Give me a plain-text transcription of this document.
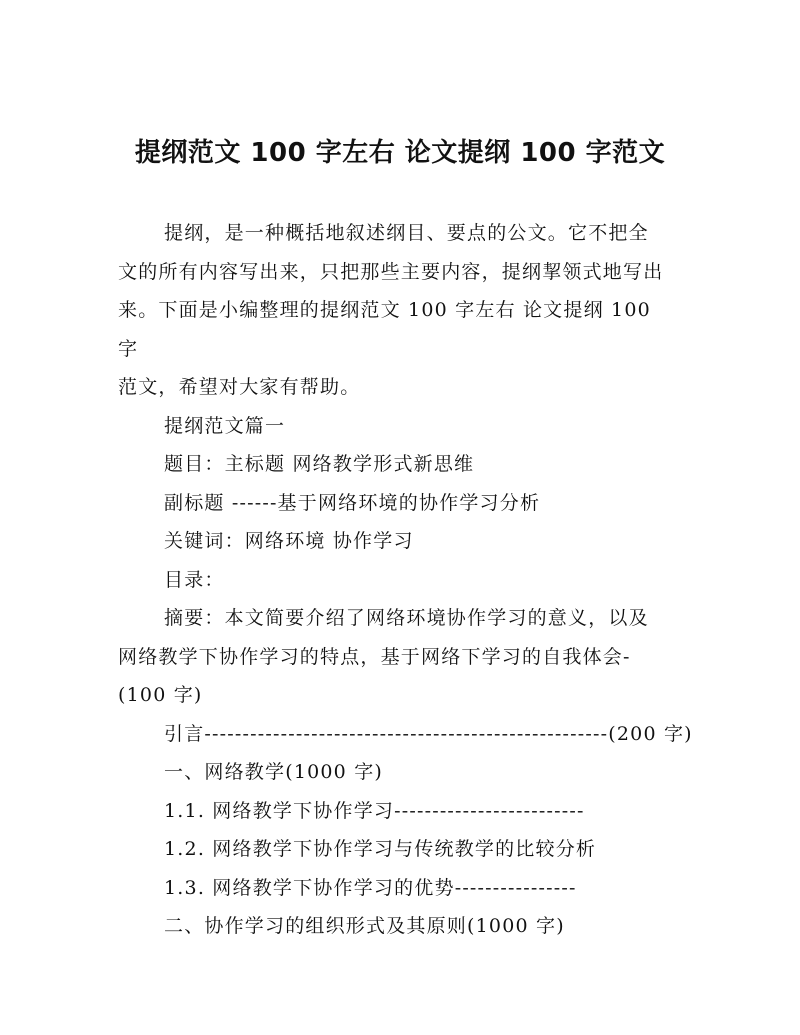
提纲范文 100 字左右 论文提纲 100 字范文

提纲，是一种概括地叙述纲目、要点的公文。它不把全
文的所有内容写出来，只把那些主要内容，提纲挈领式地写出
来。下面是小编整理的提纲范文 100 字左右 论文提纲 100 字
范文，希望对大家有帮助。

提纲范文篇一

题目：主标题 网络教学形式新思维

副标题 ------基于网络环境的协作学习分析

关键词：网络环境 协作学习

目录：

摘要：本文简要介绍了网络环境协作学习的意义，以及
网络教学下协作学习的特点，基于网络下学习的自我体会-
(100 字)

引言-----------------------------------------------------(200 字)

一、网络教学(1000 字)

1.1. 网络教学下协作学习-------------------------

1.2. 网络教学下协作学习与传统教学的比较分析

1.3. 网络教学下协作学习的优势----------------

二、协作学习的组织形式及其原则(1000 字)
